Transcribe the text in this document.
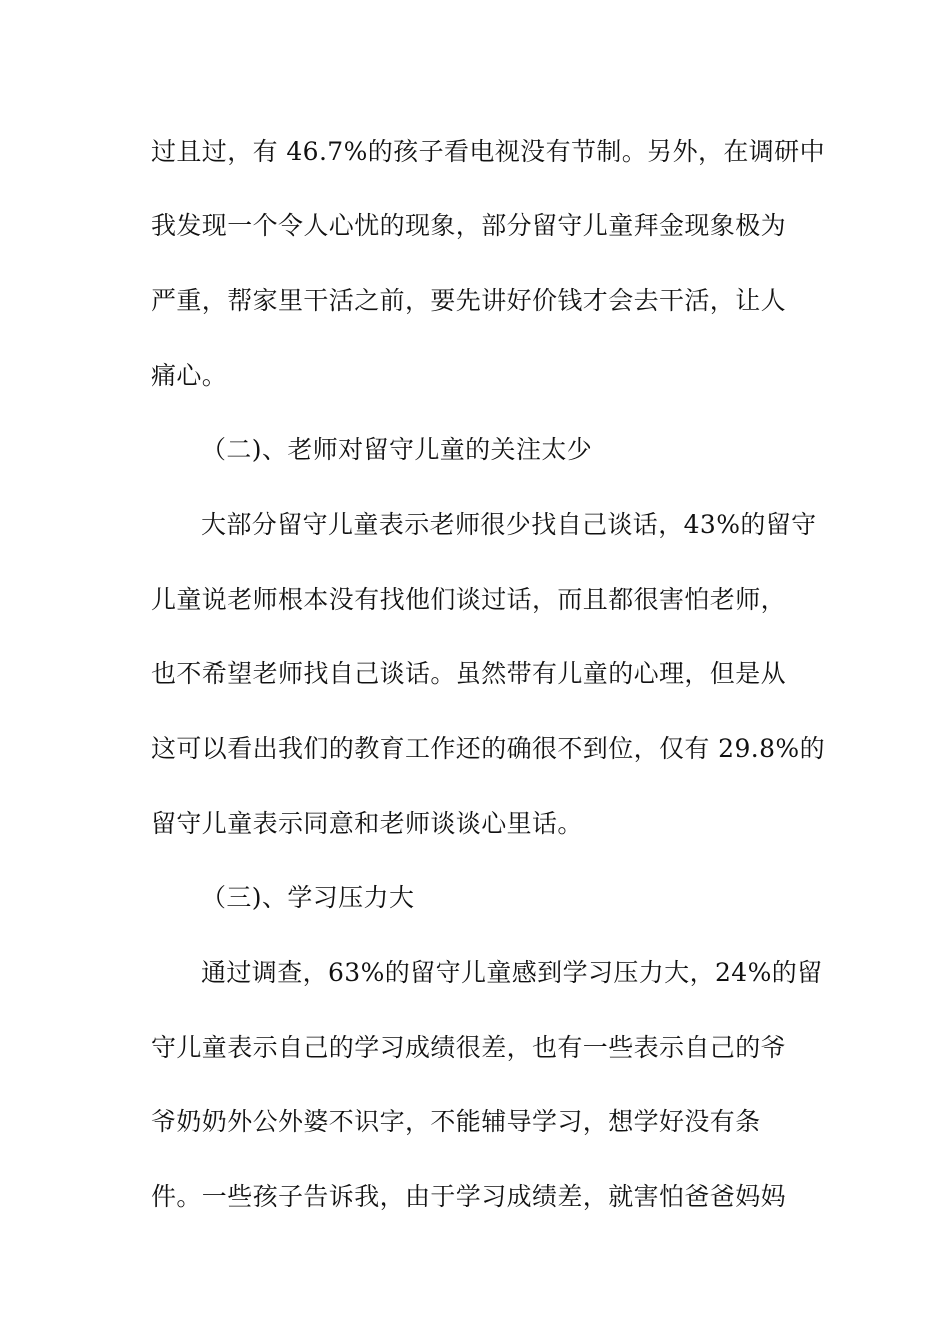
过且过，有 46.7%的孩子看电视没有节制。另外，在调研中
我发现一个令人心忧的现象，部分留守儿童拜金现象极为
严重，帮家里干活之前，要先讲好价钱才会去干活，让人
痛心。
（二)、老师对留守儿童的关注太少
大部分留守儿童表示老师很少找自己谈话，43%的留守
儿童说老师根本没有找他们谈过话，而且都很害怕老师，
也不希望老师找自己谈话。虽然带有儿童的心理，但是从
这可以看出我们的教育工作还的确很不到位，仅有 29.8%的
留守儿童表示同意和老师谈谈心里话。
（三)、学习压力大
通过调查，63%的留守儿童感到学习压力大，24%的留
守儿童表示自己的学习成绩很差，也有一些表示自己的爷
爷奶奶外公外婆不识字，不能辅导学习，想学好没有条
件。一些孩子告诉我，由于学习成绩差，就害怕爸爸妈妈
